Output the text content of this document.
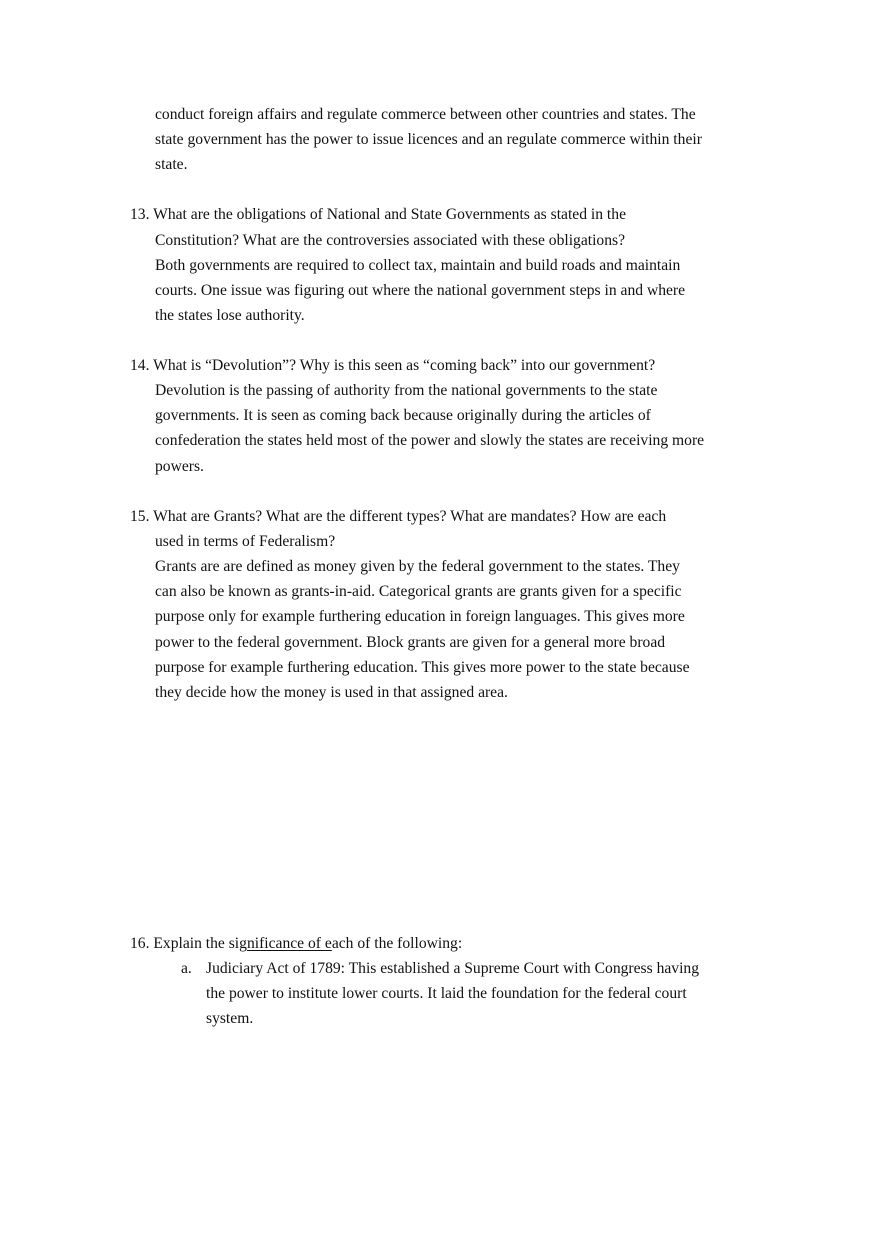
conduct foreign affairs and regulate commerce between other countries and states. The
state government has the power to issue licences and an regulate commerce within their
state.
13. What are the obligations of National and State Governments as stated in the
Constitution? What are the controversies associated with these obligations?
Both governments are required to collect tax, maintain and build roads and maintain
courts. One issue was figuring out where the national government steps in and where
the states lose authority.
14. What is “Devolution”? Why is this seen as “coming back” into our government?
Devolution is the passing of authority from the national governments to the state
governments. It is seen as coming back because originally during the articles of
confederation the states held most of the power and slowly the states are receiving more
powers.
15. What are Grants? What are the different types? What are mandates? How are each
used in terms of Federalism?
Grants are are defined as money given by the federal government to the states. They
can also be known as grants-in-aid. Categorical grants are grants given for a specific
purpose only for example furthering education in foreign languages. This gives more
power to the federal government. Block grants are given for a general more broad
purpose for example furthering education. This gives more power to the state because
they decide how the money is used in that assigned area.
16. Explain the significance of each of the following:
a. Judiciary Act of 1789: This established a Supreme Court with Congress having
the power to institute lower courts. It laid the foundation for the federal court
system.
